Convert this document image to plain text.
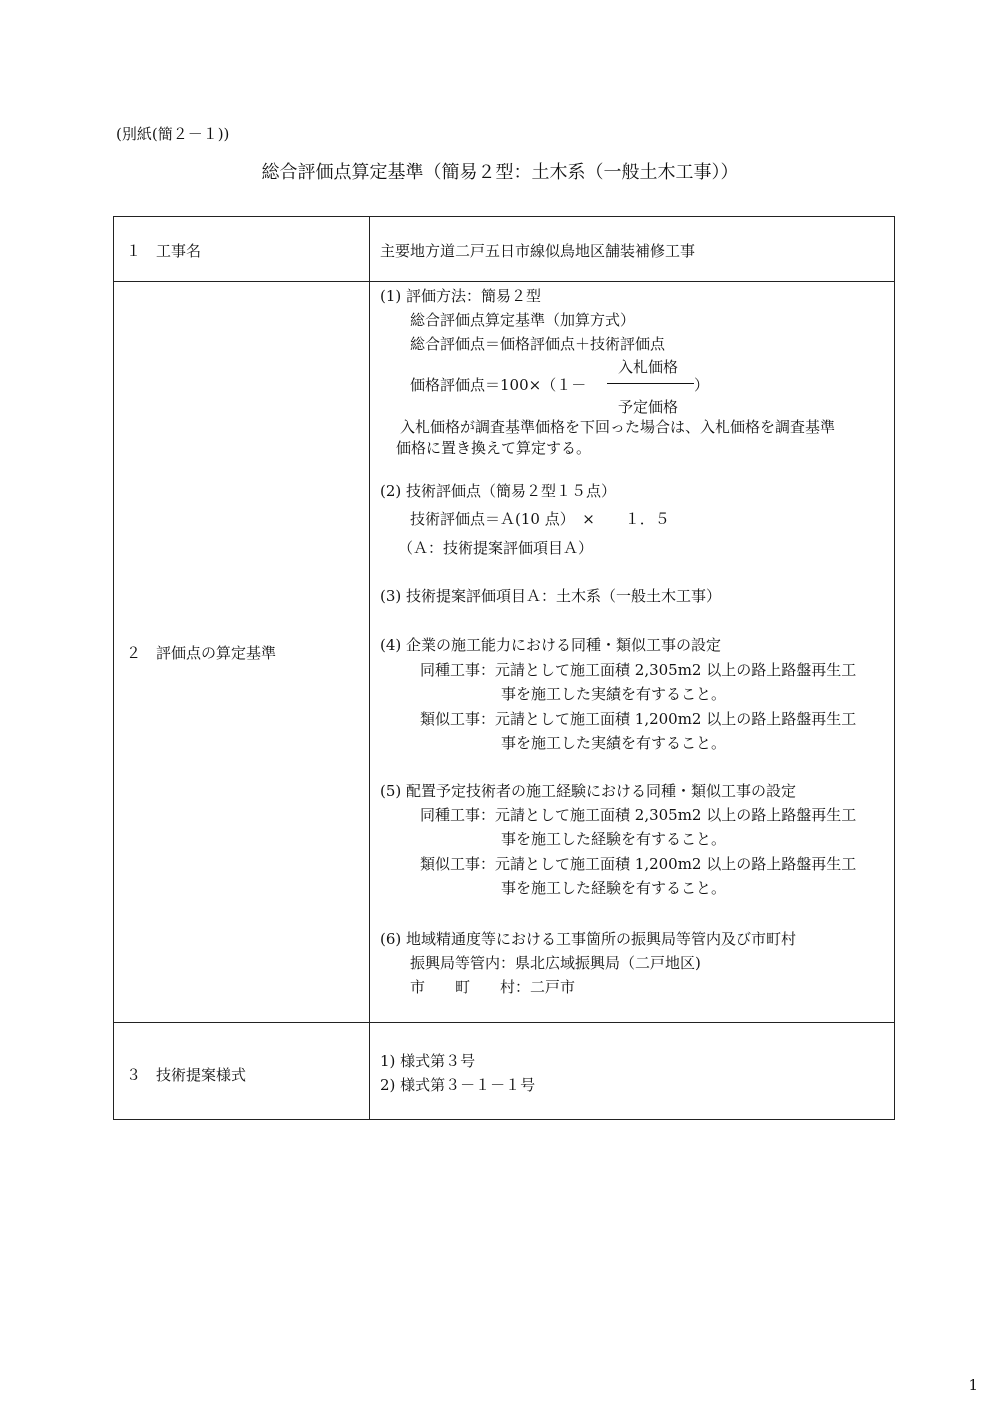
(別紙(簡２－１))
総合評価点算定基準（簡易２型：土木系（一般土木工事））
１　工事名	主要地方道二戸五日市線似鳥地区舗装補修工事
２　評価点の算定基準
(1) 評価方法：簡易２型
総合評価点算定基準（加算方式）
総合評価点＝価格評価点＋技術評価点
入札価格
価格評価点＝100×（１－	）
予定価格
入札価格が調査基準価格を下回った場合は、入札価格を調査基準
価格に置き換えて算定する。
(2) 技術評価点（簡易２型１５点）
技術評価点＝Ａ(10 点）　×　　１．５
（Ａ：技術提案評価項目Ａ）
(3) 技術提案評価項目Ａ：土木系（一般土木工事）
(4) 企業の施工能力における同種・類似工事の設定
同種工事：元請として施工面積 2,305m2 以上の路上路盤再生工
事を施工した実績を有すること。
類似工事：元請として施工面積 1,200m2 以上の路上路盤再生工
事を施工した実績を有すること。
(5) 配置予定技術者の施工経験における同種・類似工事の設定
同種工事：元請として施工面積 2,305m2 以上の路上路盤再生工
事を施工した経験を有すること。
類似工事：元請として施工面積 1,200m2 以上の路上路盤再生工
事を施工した経験を有すること。
(6) 地域精通度等における工事箇所の振興局等管内及び市町村
振興局等管内：県北広域振興局（二戸地区)
市　　町　　村：二戸市
３　技術提案様式
1) 様式第３号
2) 様式第３－１－１号
1
